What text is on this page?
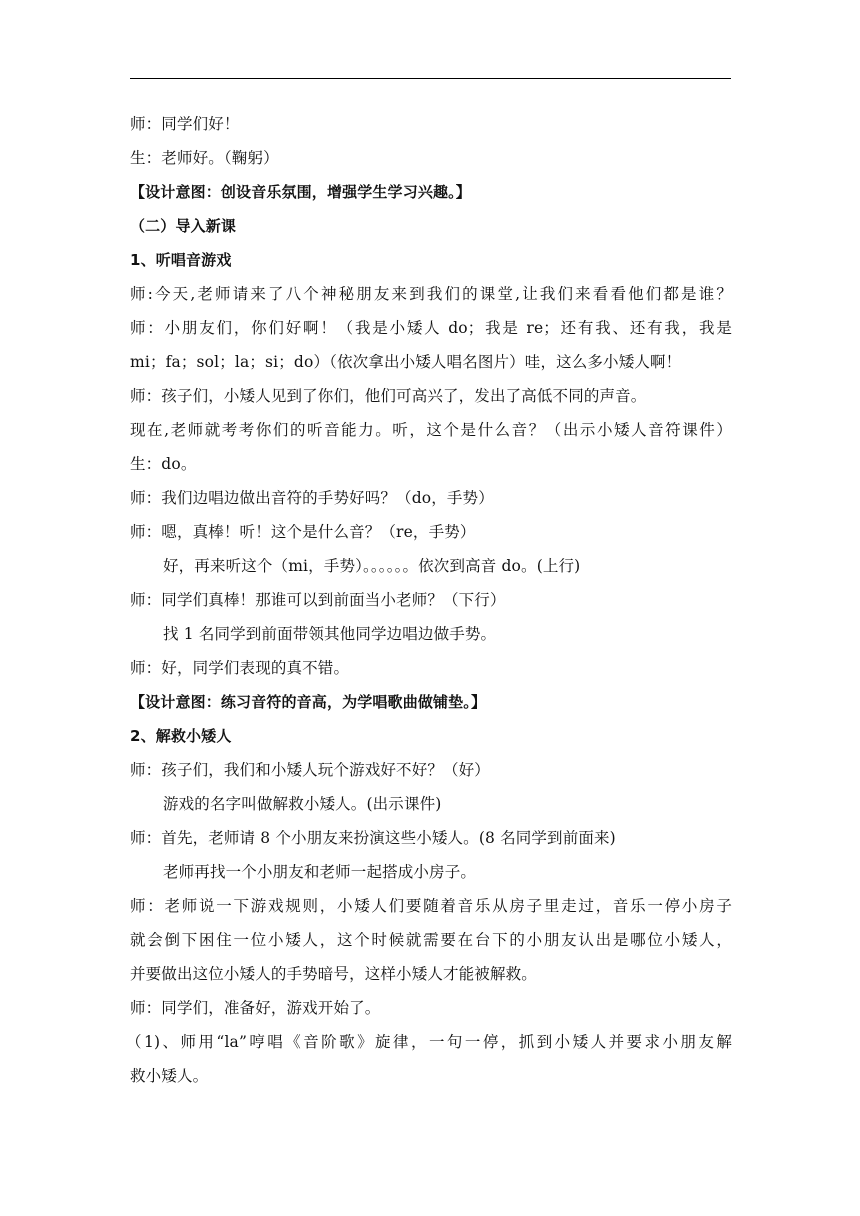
师：同学们好！
生：老师好。（鞠躬）
【设计意图：创设音乐氛围，增强学生学习兴趣。】
（二）导入新课
1、听唱音游戏
师:今天,老师请来了八个神秘朋友来到我们的课堂,让我们来看看他们都是谁？
师：小朋友们，你们好啊！（我是小矮人 do；我是 re；还有我、还有我，我是
mi；fa；sol；la；si；do）（依次拿出小矮人唱名图片）哇，这么多小矮人啊！
师：孩子们，小矮人见到了你们，他们可高兴了，发出了高低不同的声音。
现在,老师就考考你们的听音能力。听，这个是什么音？（出示小矮人音符课件）
生：do。
师：我们边唱边做出音符的手势好吗？（do，手势）
师：嗯，真棒！听！这个是什么音？（re，手势）
好，再来听这个（mi，手势）。。。。。。依次到高音 do。(上行)
师：同学们真棒！那谁可以到前面当小老师？（下行）
找 1 名同学到前面带领其他同学边唱边做手势。
师：好，同学们表现的真不错。
【设计意图：练习音符的音高，为学唱歌曲做铺垫。】
2、解救小矮人
师：孩子们，我们和小矮人玩个游戏好不好？（好）
游戏的名字叫做解救小矮人。(出示课件)
师：首先，老师请 8 个小朋友来扮演这些小矮人。(8 名同学到前面来)
老师再找一个小朋友和老师一起搭成小房子。
师：老师说一下游戏规则，小矮人们要随着音乐从房子里走过，音乐一停小房子
就会倒下困住一位小矮人，这个时候就需要在台下的小朋友认出是哪位小矮人，
并要做出这位小矮人的手势暗号，这样小矮人才能被解救。
师：同学们，准备好，游戏开始了。
（1)、师用“la”哼唱《音阶歌》旋律，一句一停，抓到小矮人并要求小朋友解
救小矮人。
